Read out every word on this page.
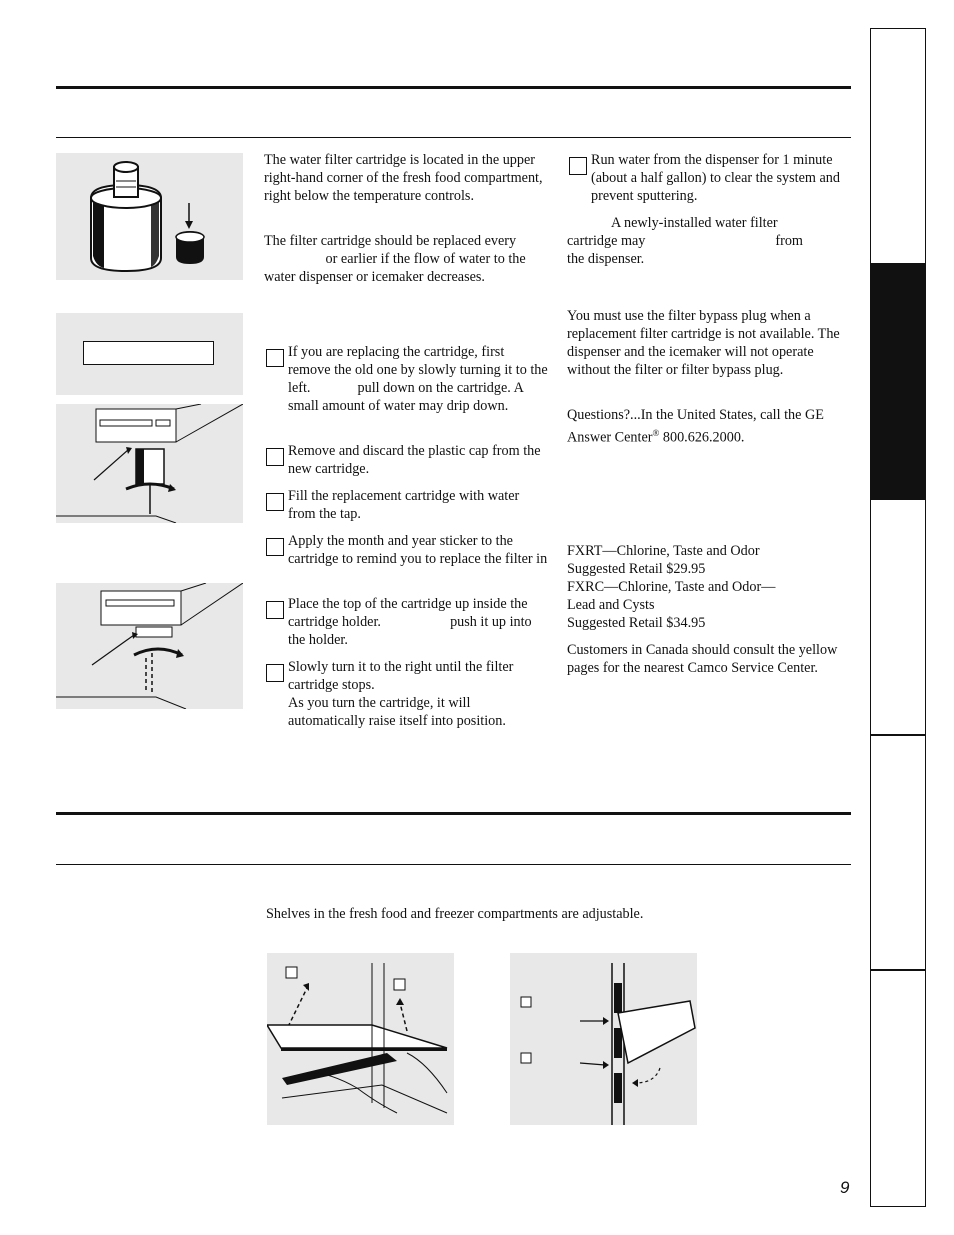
The water filter cartridge is located in the upper right-hand corner of the fresh food compartment, right below the temperature controls.
The filter cartridge should be replaced every  or earlier if the flow of water to the water dispenser or icemaker decreases.
If you are replacing the cartridge, first remove the old one by slowly turning it to the left.	pull down on the cartridge. A small amount of water may drip down.
Remove and discard the plastic cap from the new cartridge.
Fill the replacement cartridge with water from the tap.
Apply the month and year sticker to the cartridge to remind you to replace the filter in
Place the top of the cartridge up inside the cartridge holder.	push it up into the holder.

Slowly turn it to the right until the filter cartridge stops.

As you turn the cartridge, it will automatically raise itself into position.

Run water from the dispenser for 1 minute (about a half gallon) to clear the system and prevent sputtering.
A newly-installed water filter
cartridge may	from
the dispenser.
You must use the filter bypass plug when a replacement filter cartridge is not available. The dispenser and the icemaker will not operate without the filter or filter bypass plug.
Questions?...In the United States, call the GE Answer Center® 800.626.2000.
FXRT—Chlorine, Taste and Odor
Suggested Retail $29.95
FXRC—Chlorine, Taste and Odor—
Lead and Cysts
Suggested Retail $34.95
Customers in Canada should consult the yellow pages for the nearest Camco Service Center.
Shelves in the fresh food and freezer compartments are adjustable.
9
